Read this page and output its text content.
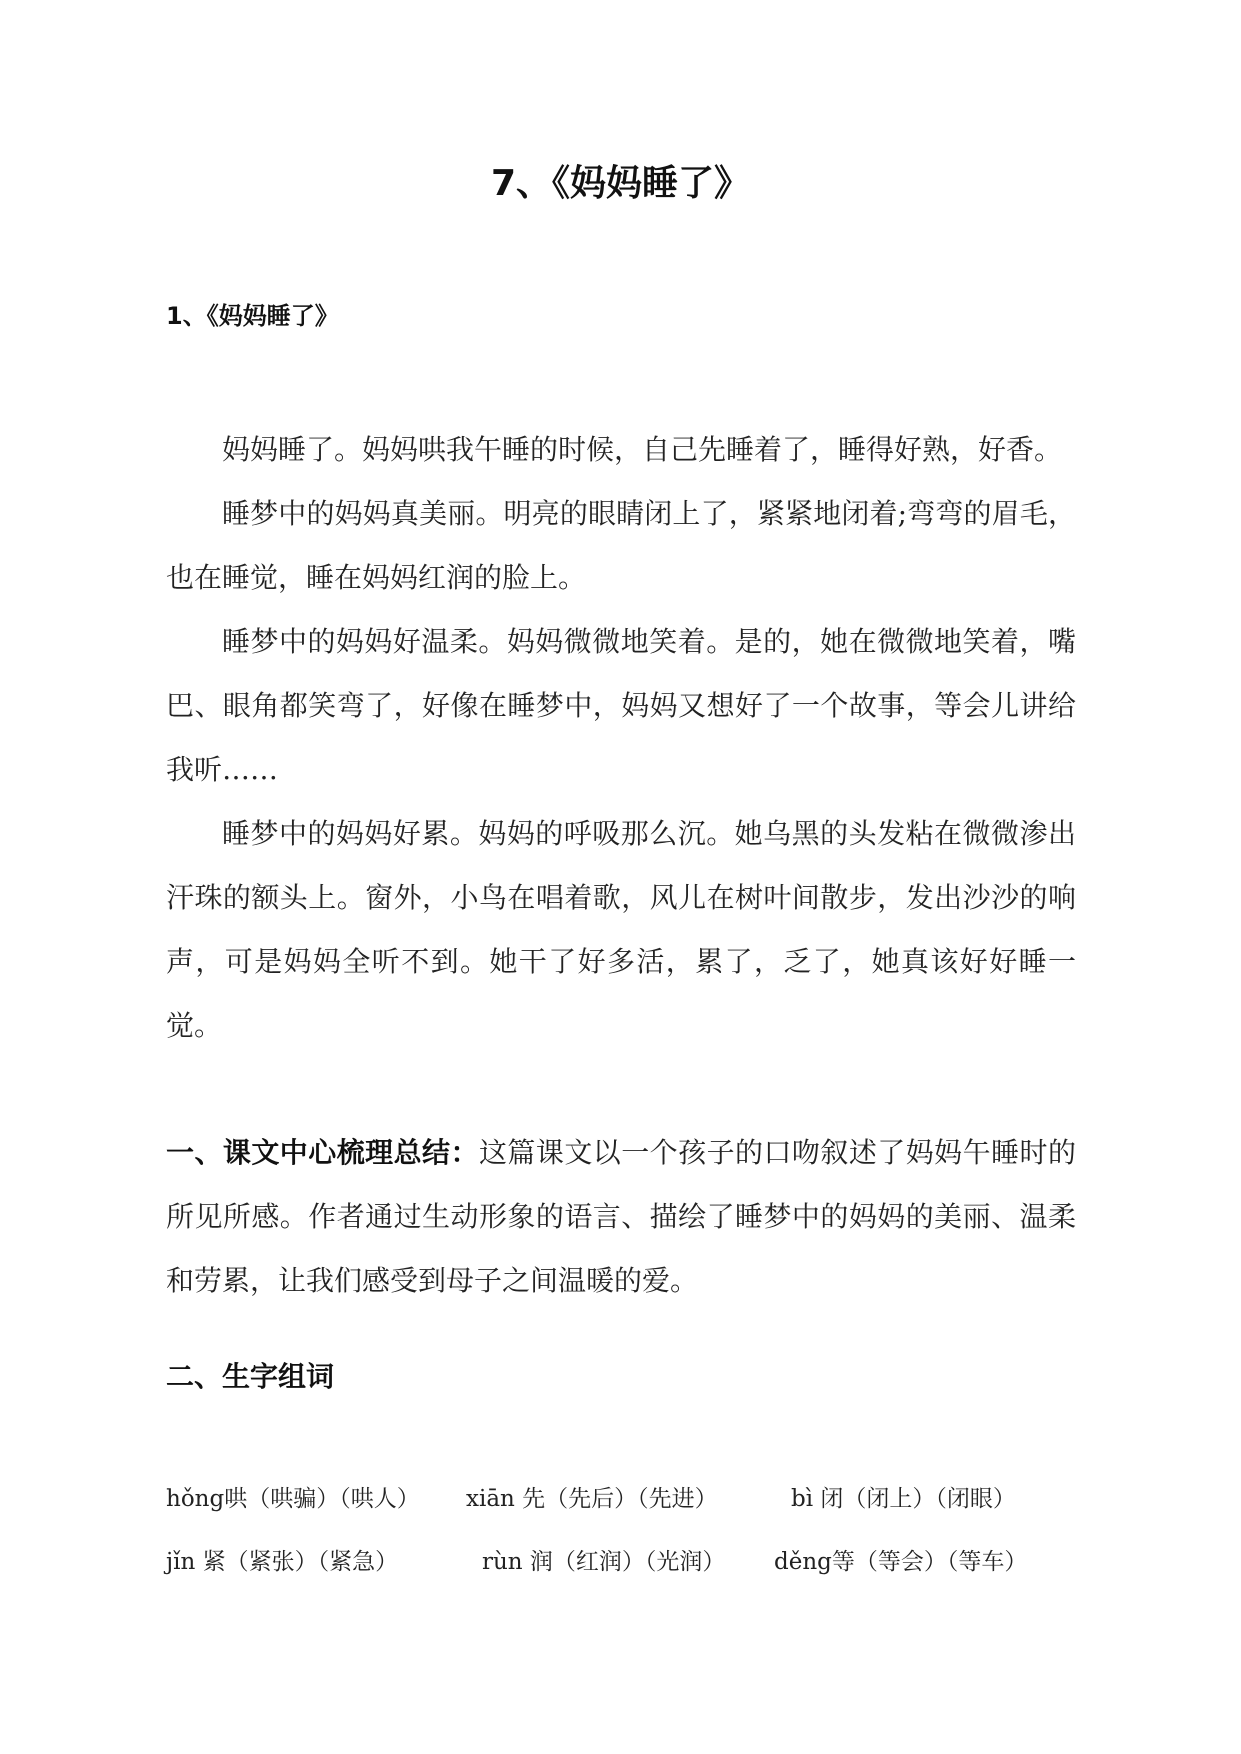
7、《妈妈睡了》
1、《妈妈睡了》

妈妈睡了。妈妈哄我午睡的时候，自己先睡着了，睡得好熟，好香。

睡梦中的妈妈真美丽。明亮的眼睛闭上了，紧紧地闭着;弯弯的眉毛，也在睡觉，睡在妈妈红润的脸上。

睡梦中的妈妈好温柔。妈妈微微地笑着。是的，她在微微地笑着，嘴巴、眼角都笑弯了，好像在睡梦中，妈妈又想好了一个故事，等会儿讲给我听……

睡梦中的妈妈好累。妈妈的呼吸那么沉。她乌黑的头发粘在微微渗出汗珠的额头上。窗外，小鸟在唱着歌，风儿在树叶间散步，发出沙沙的响声，可是妈妈全听不到。她干了好多活，累了，乏了，她真该好好睡一觉。

一、课文中心梳理总结：这篇课文以一个孩子的口吻叙述了妈妈午睡时的所见所感。作者通过生动形象的语言、描绘了睡梦中的妈妈的美丽、温柔和劳累，让我们感受到母子之间温暖的爱。

二、生字组词
hǒng哄（哄骗）（哄人） xiān 先（先后）（先进）	bì 闭（闭上）（闭眼）
jǐn 紧（紧张）（紧急）	rùn 润（红润）（光润） děng等（等会）（等车）
